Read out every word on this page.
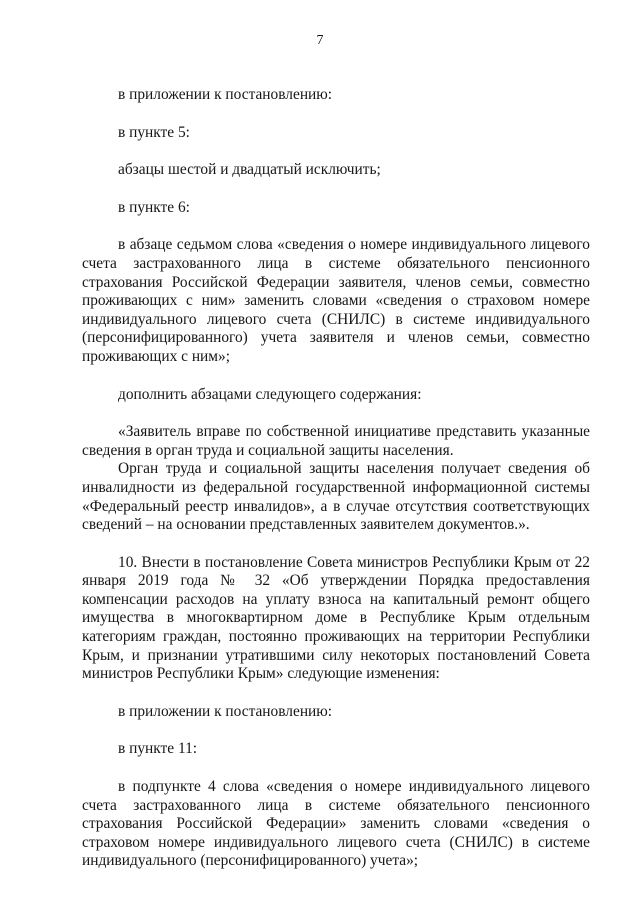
7

в приложении к постановлению:

в пункте 5:

абзацы шестой и двадцатый исключить;

в пункте 6:

в абзаце седьмом слова «сведения о номере индивидуального лицевого счета застрахованного лица в системе обязательного пенсионного страхования Российской Федерации заявителя, членов семьи, совместно проживающих с ним» заменить словами «сведения о страховом номере индивидуального лицевого счета (СНИЛС) в системе индивидуального (персонифицированного) учета заявителя и членов семьи, совместно проживающих с ним»;

дополнить абзацами следующего содержания:

«Заявитель вправе по собственной инициативе представить указанные сведения в орган труда и социальной защиты населения.

Орган труда и социальной защиты населения получает сведения об инвалидности из федеральной государственной информационной системы «Федеральный реестр инвалидов», а в случае отсутствия соответствующих сведений – на основании представленных заявителем документов.».

10. Внести в постановление Совета министров Республики Крым от 22 января 2019 года № 32 «Об утверждении Порядка предоставления компенсации расходов на уплату взноса на капитальный ремонт общего имущества в многоквартирном доме в Республике Крым отдельным категориям граждан, постоянно проживающих на территории Республики Крым, и признании утратившими силу некоторых постановлений Совета министров Республики Крым» следующие изменения:

в приложении к постановлению:

в пункте 11:

в подпункте 4 слова «сведения о номере индивидуального лицевого счета застрахованного лица в системе обязательного пенсионного страхования Российской Федерации» заменить словами «сведения о страховом номере индивидуального лицевого счета (СНИЛС) в системе индивидуального (персонифицированного) учета»;
